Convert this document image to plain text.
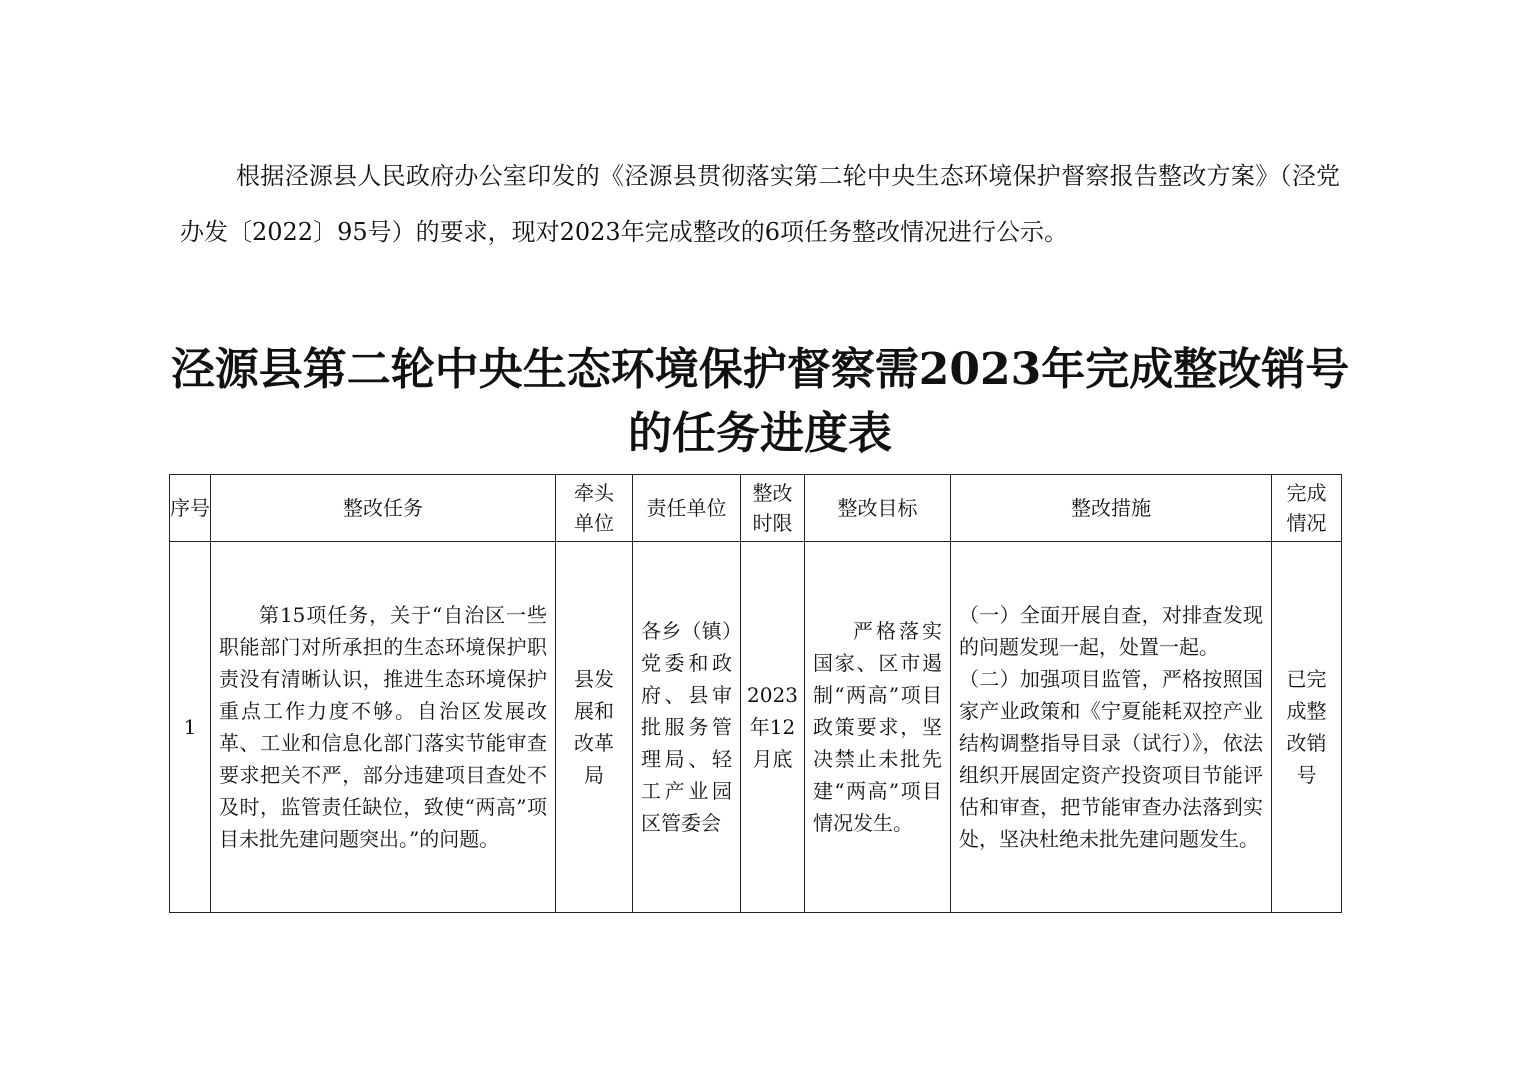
根据泾源县人民政府办公室印发的《泾源县贯彻落实第二轮中央生态环境保护督察报告整改方案》（泾党办发〔2022〕95号）的要求，现对2023年完成整改的6项任务整改情况进行公示。

泾源县第二轮中央生态环境保护督察需2023年完成整改销号的任务进度表
序号	整改任务	牵头单位	责任单位	整改时限	整改目标	整改措施	完成情况
1	第15项任务，关于“自治区一些职能部门对所承担的生态环境保护职责没有清晰认识，推进生态环境保护重点工作力度不够。自治区发展改革、工业和信息化部门落实节能审查要求把关不严，部分违建项目查处不及时，监管责任缺位，致使“两高”项目未批先建问题突出。”的问题。	县发展和改革局	各乡（镇）党委和政府、县审批服务管理局、轻工产业园区管委会	2023年12月底	严格落实国家、区市遏制“两高”项目政策要求，坚决禁止未批先建“两高”项目情况发生。	（一）全面开展自查，对排查发现的问题发现一起，处置一起。
（二）加强项目监管，严格按照国家产业政策和《宁夏能耗双控产业结构调整指导目录（试行）》，依法组织开展固定资产投资项目节能评估和审查，把节能审查办法落到实处，坚决杜绝未批先建问题发生。	已完成整改销号
